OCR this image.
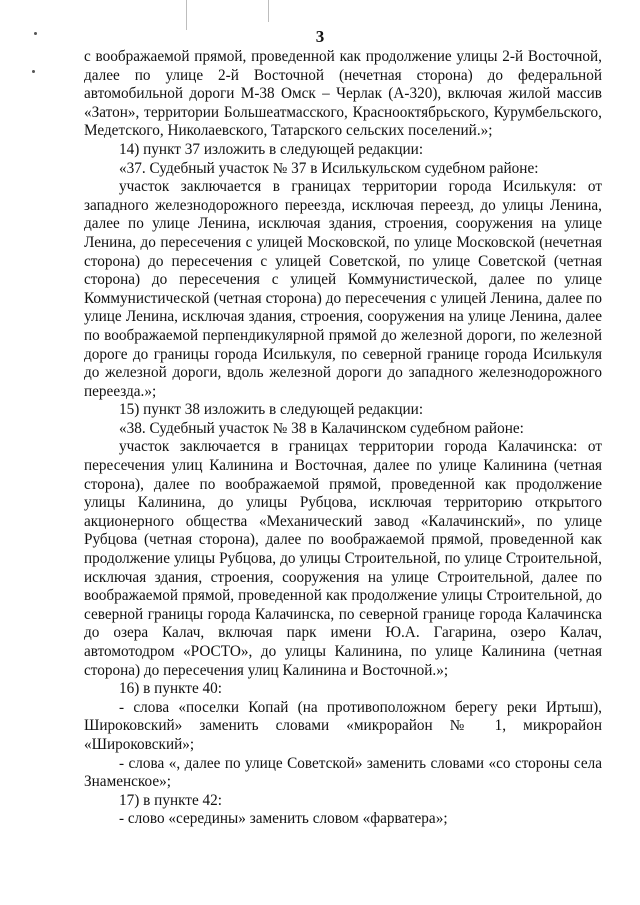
3

с воображаемой прямой, проведенной как продолжение улицы 2-й Восточной, далее по улице 2-й Восточной (нечетная сторона) до федеральной автомобильной дороги М-38 Омск – Черлак (А-320), включая жилой массив «Затон», территории Большеатмасского, Краснооктябрьского, Курумбельского, Медетского, Николаевского, Татарского сельских поселений.»;

14) пункт 37 изложить в следующей редакции:

«37. Судебный участок № 37 в Исилькульском судебном районе:

участок заключается в границах территории города Исилькуля: от западного железнодорожного переезда, исключая переезд, до улицы Ленина, далее по улице Ленина, исключая здания, строения, сооружения на улице Ленина, до пересечения с улицей Московской, по улице Московской (нечетная сторона) до пересечения с улицей Советской, по улице Советской (четная сторона) до пересечения с улицей Коммунистической, далее по улице Коммунистической (четная сторона) до пересечения с улицей Ленина, далее по улице Ленина, исключая здания, строения, сооружения на улице Ленина, далее по воображаемой перпендикулярной прямой до железной дороги, по железной дороге до границы города Исилькуля, по северной границе города Исилькуля до железной дороги, вдоль железной дороги до западного железнодорожного переезда.»;

15) пункт 38 изложить в следующей редакции:

«38. Судебный участок № 38 в Калачинском судебном районе:

участок заключается в границах территории города Калачинска: от пересечения улиц Калинина и Восточная, далее по улице Калинина (четная сторона), далее по воображаемой прямой, проведенной как продолжение улицы Калинина, до улицы Рубцова, исключая территорию открытого акционерного общества «Механический завод «Калачинский», по улице Рубцова (четная сторона), далее по воображаемой прямой, проведенной как продолжение улицы Рубцова, до улицы Строительной, по улице Строительной, исключая здания, строения, сооружения на улице Строительной, далее по воображаемой прямой, проведенной как продолжение улицы Строительной, до северной границы города Калачинска, по северной границе города Калачинска до озера Калач, включая парк имени Ю.А. Гагарина, озеро Калач, автомотодром «РОСТО», до улицы Калинина, по улице Калинина (четная сторона) до пересечения улиц Калинина и Восточной.»;

16) в пункте 40:

- слова «поселки Копай (на противоположном берегу реки Иртыш), Широковский» заменить словами «микрорайон № 1, микрорайон «Широковский»;

- слова «, далее по улице Советской» заменить словами «со стороны села Знаменское»;

17) в пункте 42:

- слово «середины» заменить словом «фарватера»;
